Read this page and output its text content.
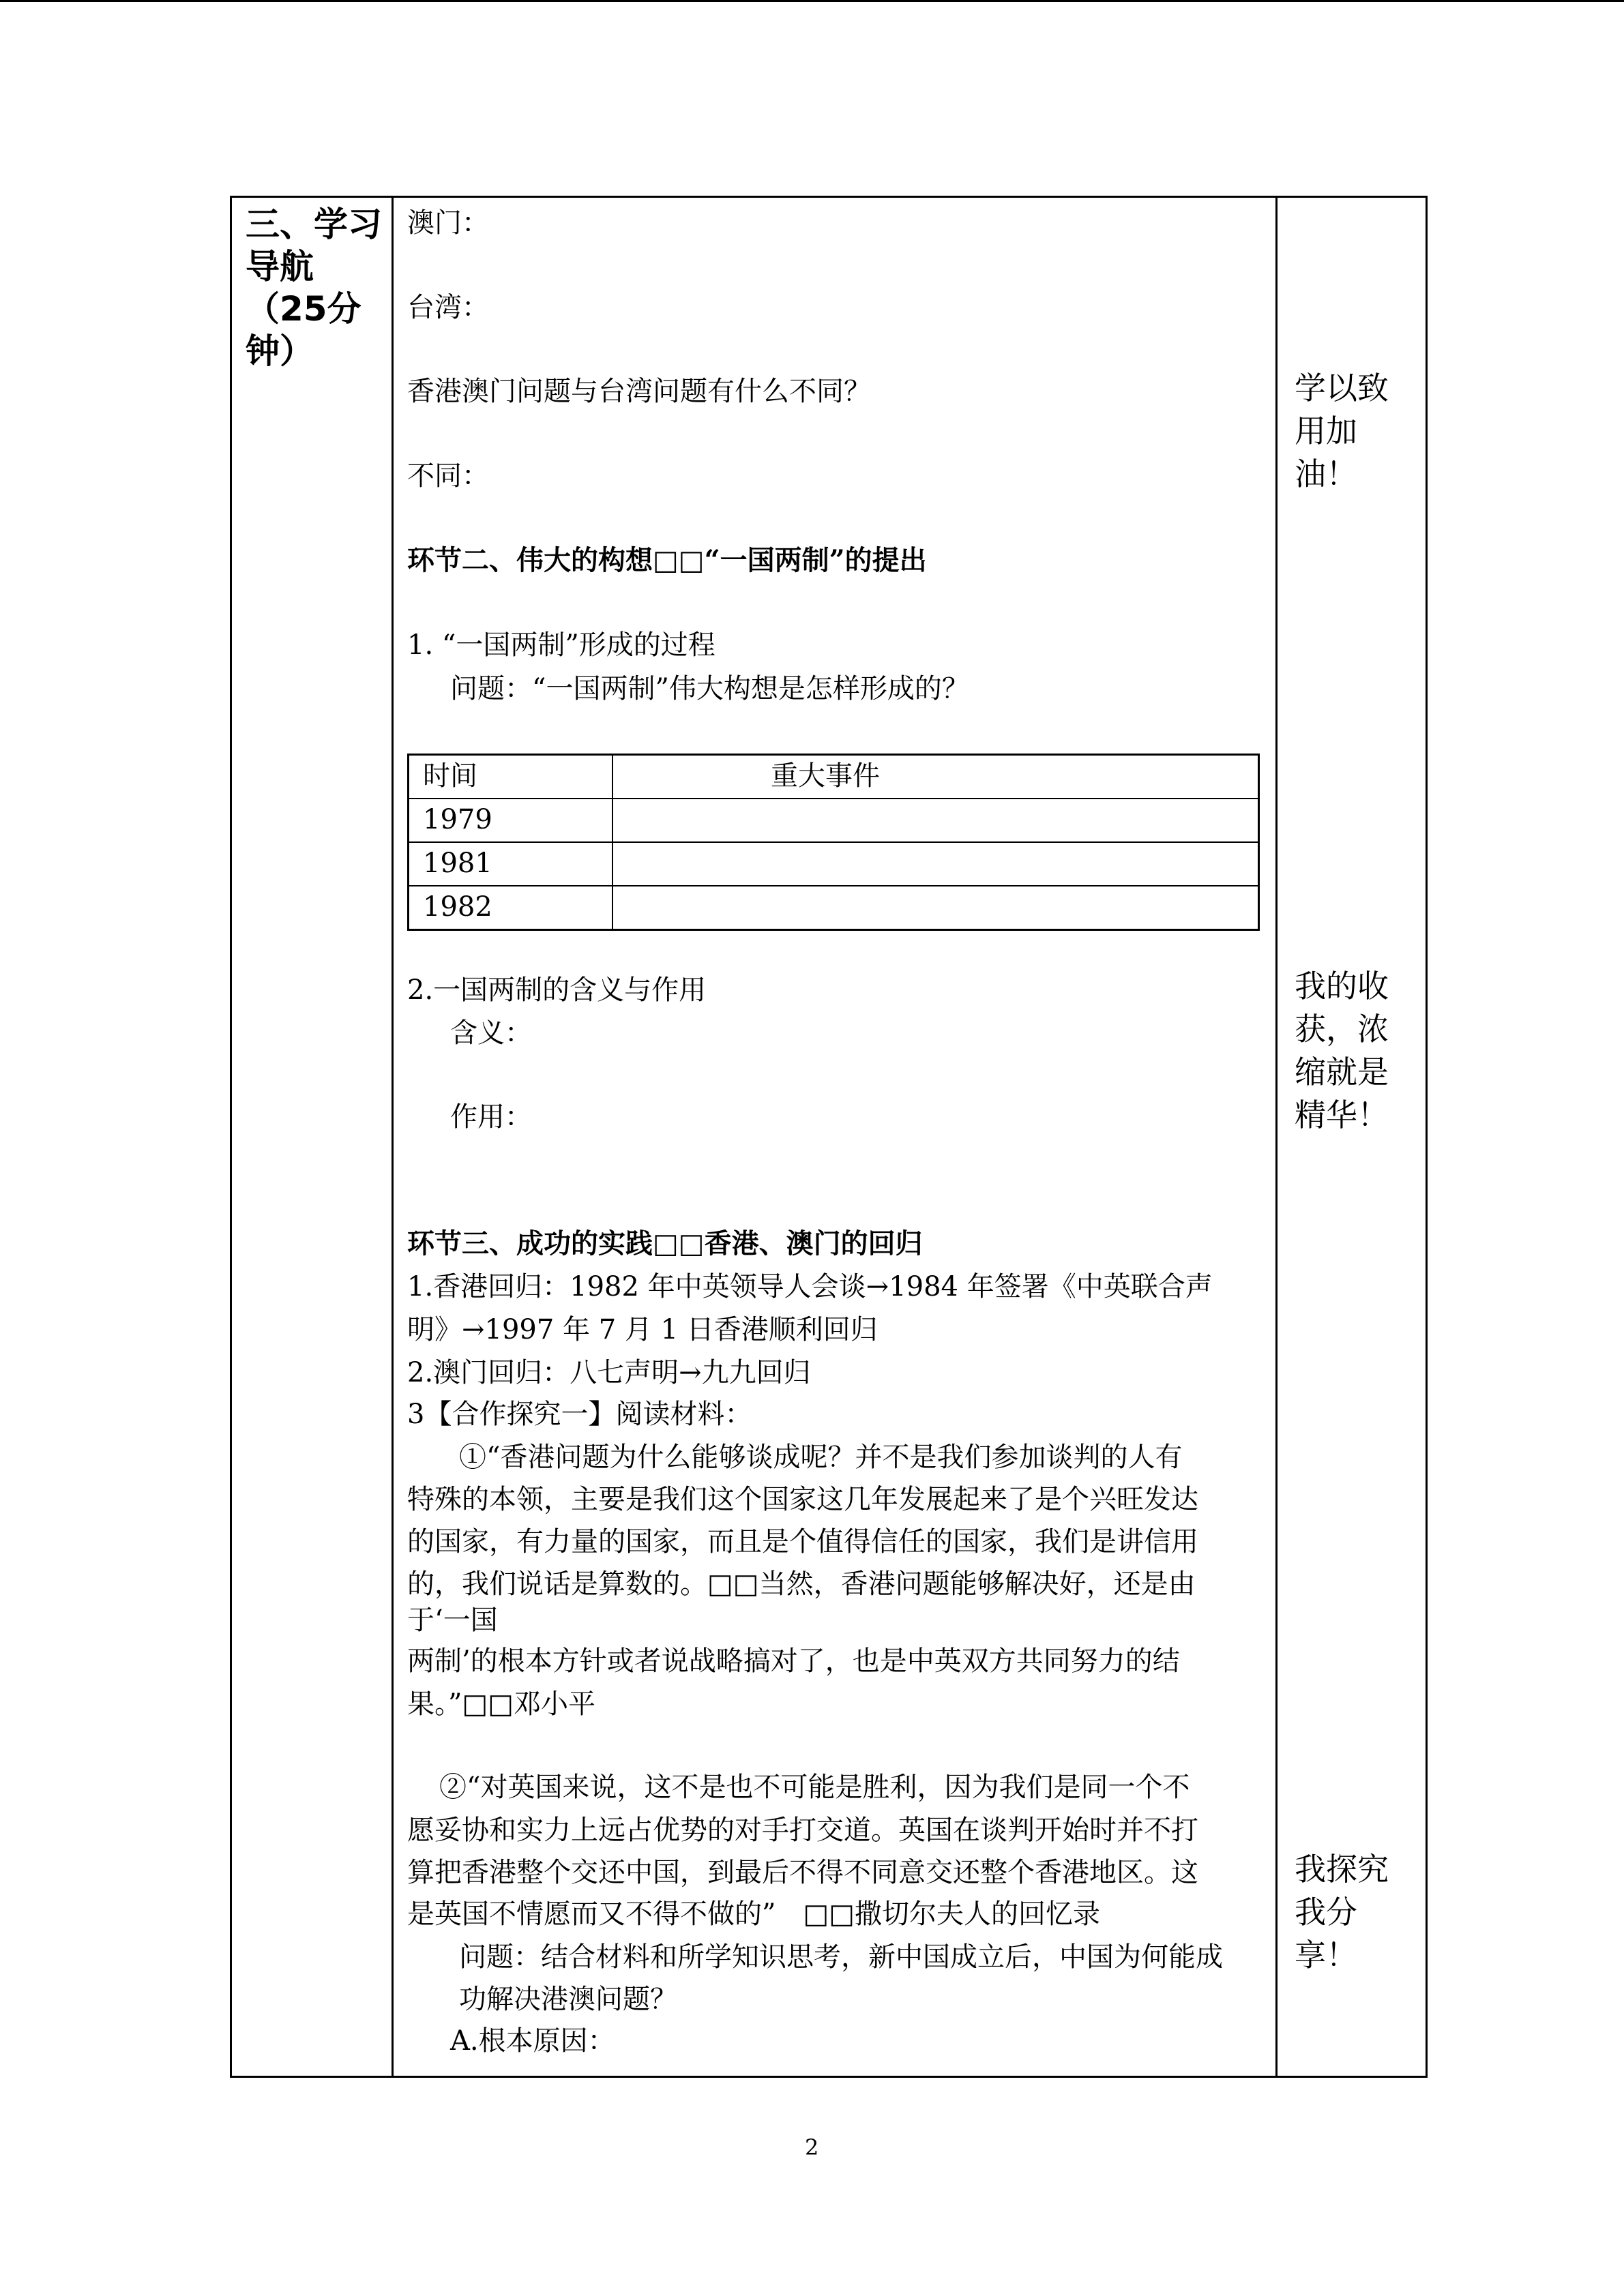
三、学习导航（25分钟）
澳门：
台湾：
香港澳门问题与台湾问题有什么不同？
不同：
环节二、伟大的构想□□“一国两制”的提出
1. “一国两制”形成的过程
问题：“一国两制”伟大构想是怎样形成的？
时间	重大事件
1979
1981
1982
2.一国两制的含义与作用
含义：
作用：
环节三、成功的实践□□香港、澳门的回归
1.香港回归：1982 年中英领导人会谈→1984 年签署《中英联合声
明》→1997 年 7 月 1 日香港顺利回归
2.澳门回归：八七声明→九九回归
3【合作探究一】阅读材料：
①“香港问题为什么能够谈成呢？并不是我们参加谈判的人有
特殊的本领，主要是我们这个国家这几年发展起来了是个兴旺发达
的国家，有力量的国家，而且是个值得信任的国家，我们是讲信用
的，我们说话是算数的。□□当然，香港问题能够解决好，还是由
于‘一国
两制’的根本方针或者说战略搞对了，也是中英双方共同努力的结
果。”□□邓小平
②“对英国来说，这不是也不可能是胜利，因为我们是同一个不
愿妥协和实力上远占优势的对手打交道。英国在谈判开始时并不打
算把香港整个交还中国，到最后不得不同意交还整个香港地区。这
是英国不情愿而又不得不做的”　□□撒切尔夫人的回忆录
问题：结合材料和所学知识思考，新中国成立后，中国为何能成
功解决港澳问题？
A.根本原因：
学以致用加油！
我的收获，浓缩就是精华！
我探究我分享！
2
